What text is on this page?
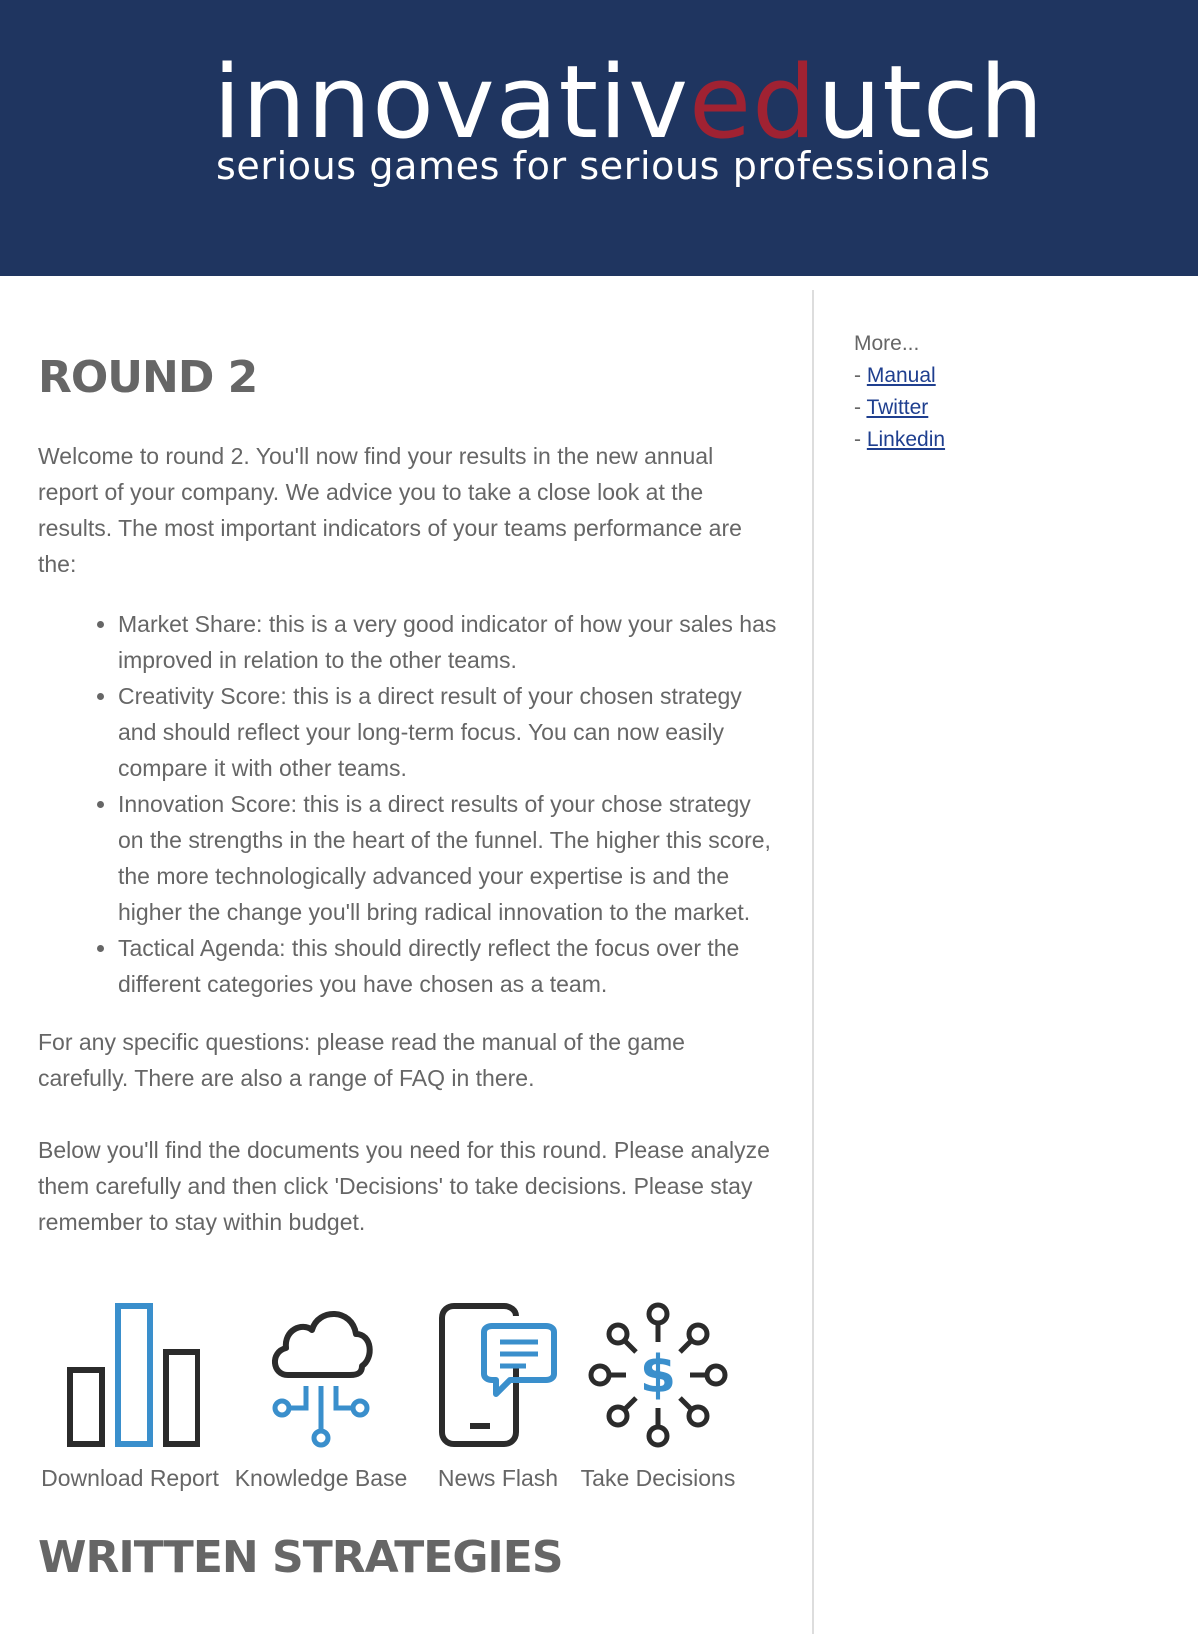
innovativedutch
serious games for serious professionals
ROUND 2

Welcome to round 2. You'll now find your results in the new annual report of your company. We advice you to take a close look at the results. The most important indicators of your teams performance are the:

• Market Share: this is a very good indicator of how your sales has improved in relation to the other teams.
• Creativity Score: this is a direct result of your chosen strategy and should reflect your long-term focus. You can now easily compare it with other teams.
• Innovation Score: this is a direct results of your chose strategy on the strengths in the heart of the funnel. The higher this score, the more technologically advanced your expertise is and the higher the change you'll bring radical innovation to the market.
• Tactical Agenda: this should directly reflect the focus over the different categories you have chosen as a team.

For any specific questions: please read the manual of the game carefully. There are also a range of FAQ in there.

Below you'll find the documents you need for this round. Please analyze them carefully and then click 'Decisions' to take decisions. Please stay remember to stay within budget.

Download Report Knowledge Base News Flash
$
Take Decisions
WRITTEN STRATEGIES
More...
- Manual
- Twitter
- Linkedin
